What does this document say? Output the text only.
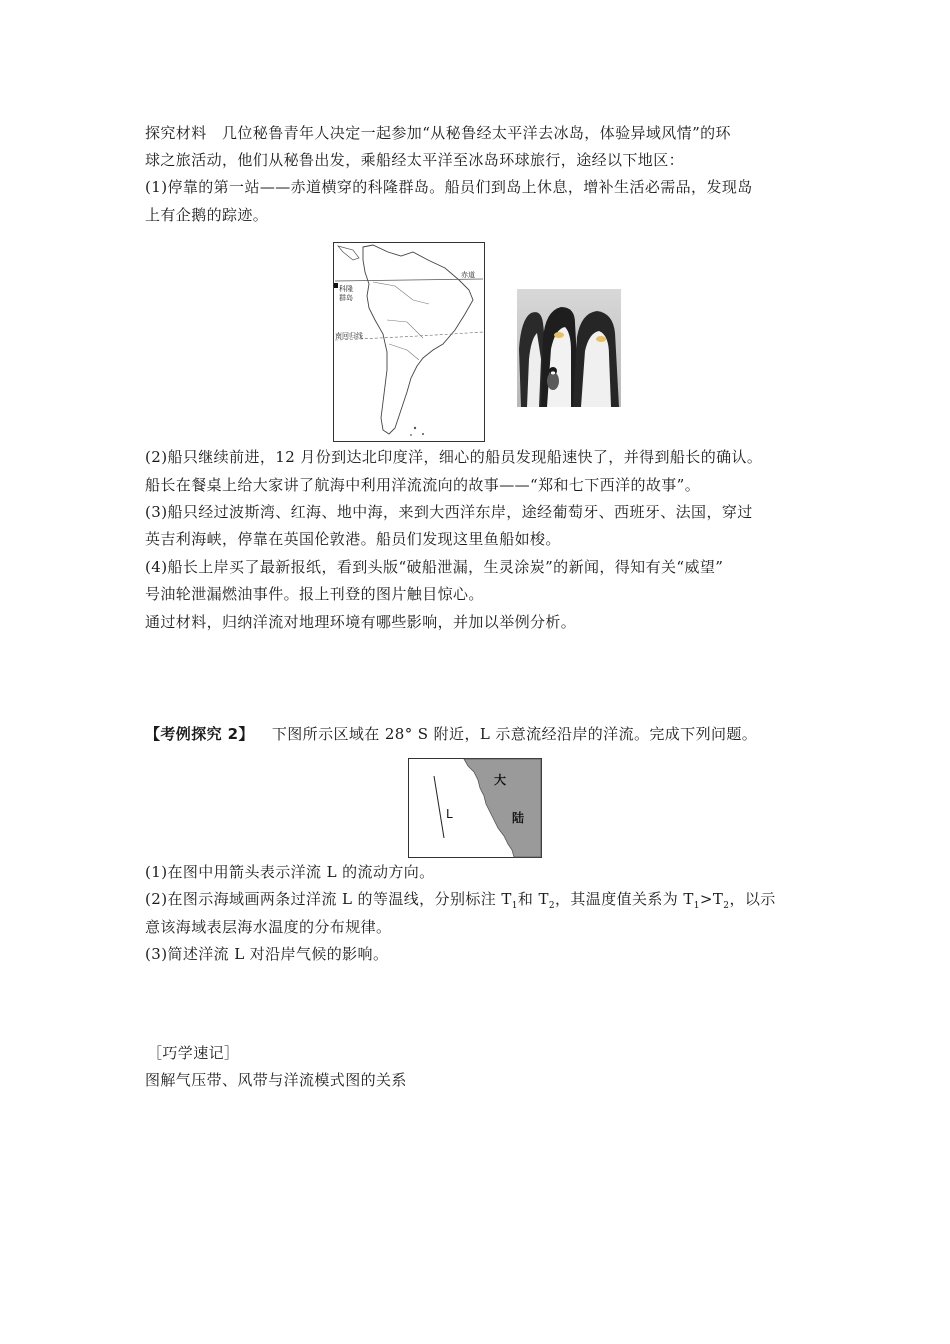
探究材料　几位秘鲁青年人决定一起参加“从秘鲁经太平洋去冰岛，体验异域风情”的环
球之旅活动，他们从秘鲁出发，乘船经太平洋至冰岛环球旅行，途经以下地区：
(1)停靠的第一站——赤道横穿的科隆群岛。船员们到岛上休息，增补生活必需品，发现岛
上有企鹅的踪迹。
赤道
科隆
群岛
南回归线
(2)船只继续前进，12 月份到达北印度洋，细心的船员发现船速快了，并得到船长的确认。
船长在餐桌上给大家讲了航海中利用洋流流向的故事——“郑和七下西洋的故事”。
(3)船只经过波斯湾、红海、地中海，来到大西洋东岸，途经葡萄牙、西班牙、法国，穿过
英吉利海峡，停靠在英国伦敦港。船员们发现这里鱼船如梭。
(4)船长上岸买了最新报纸，看到头版“破船泄漏，生灵涂炭”的新闻，得知有关“威望”
号油轮泄漏燃油事件。报上刊登的图片触目惊心。
通过材料，归纳洋流对地理环境有哪些影响，并加以举例分析。
【考例探究 2】 下图所示区域在 28° S 附近，L 示意流经沿岸的洋流。完成下列问题。
L
大
陆
(1)在图中用箭头表示洋流 L 的流动方向。
(2)在图示海域画两条过洋流 L 的等温线，分别标注 $T_1$和 $T_2$，其温度值关系为 $T_1>T_2$，以示
意该海域表层海水温度的分布规律。
(3)简述洋流 L 对沿岸气候的影响。
［巧学速记］
图解气压带、风带与洋流模式图的关系
